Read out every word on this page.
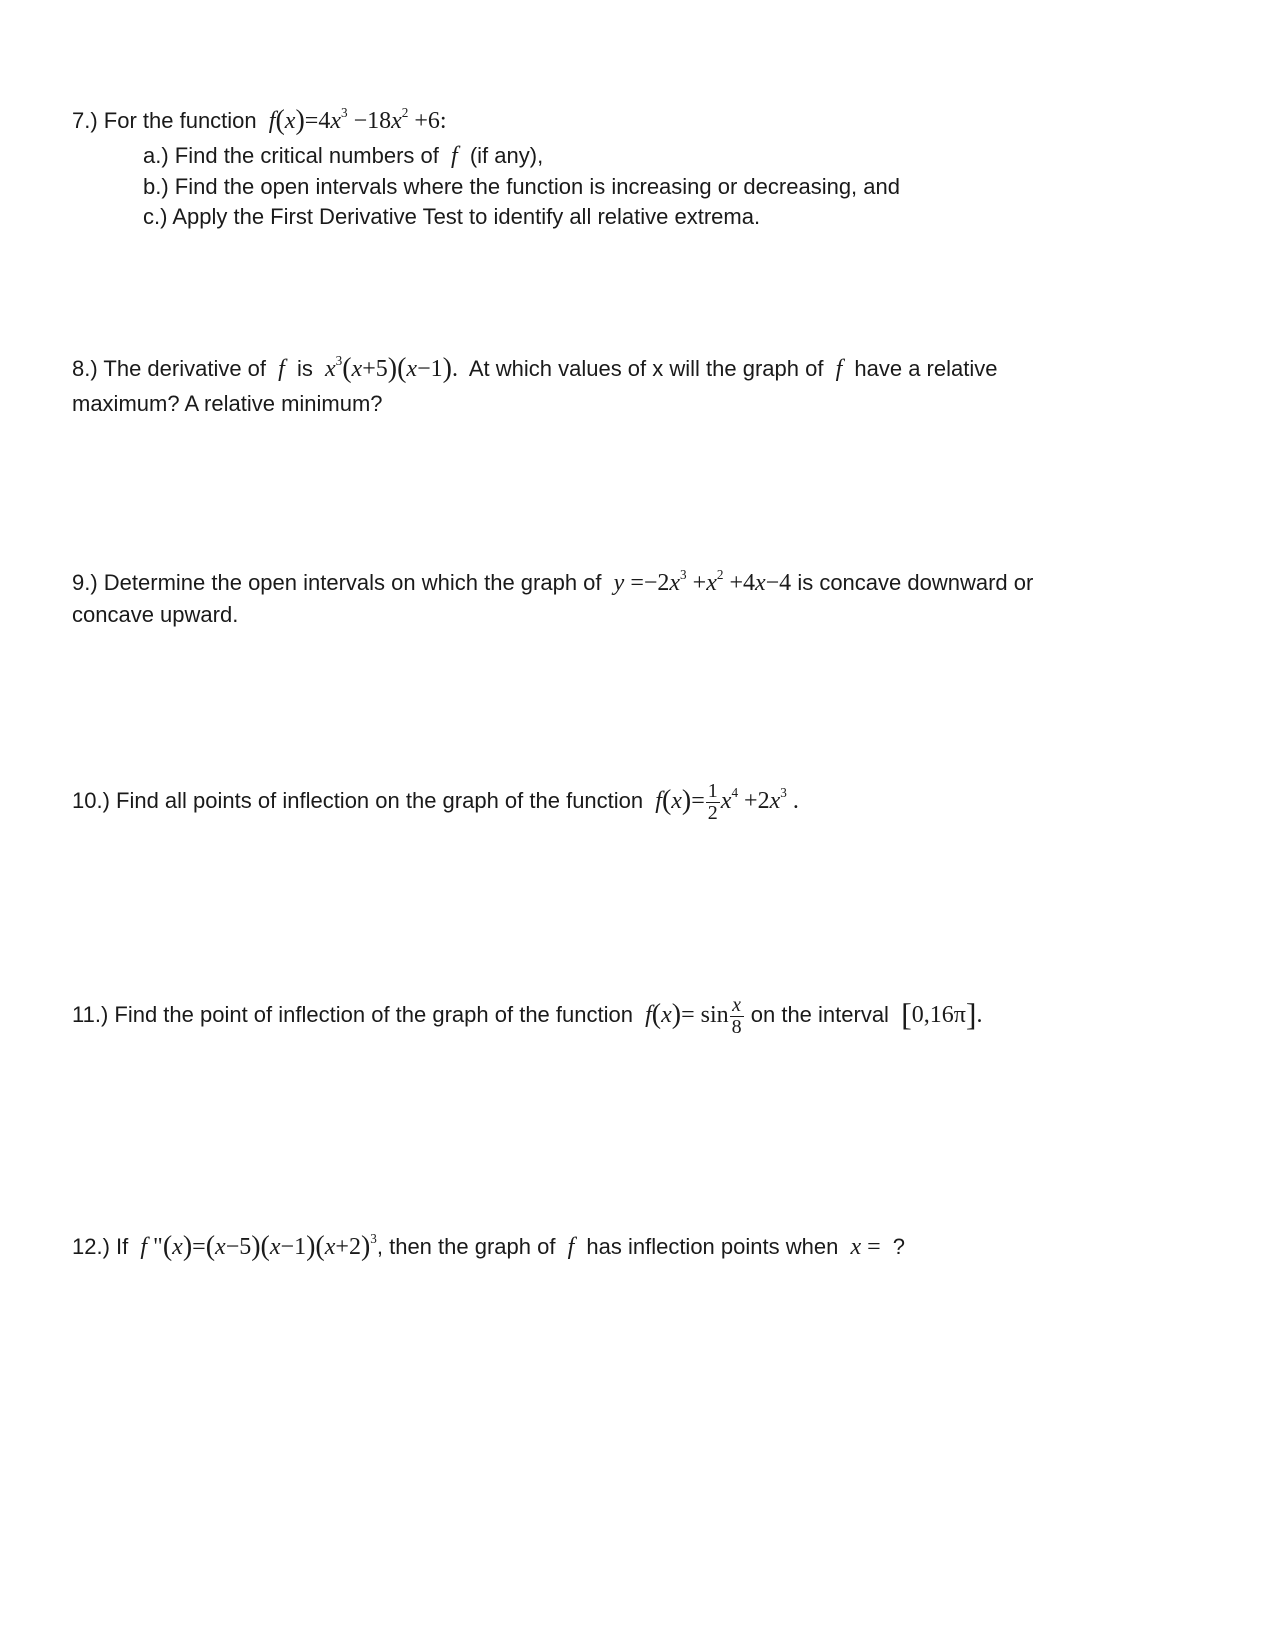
7.) For the function $f(x)=4x^3 -18x^2 +6$:
a.) Find the critical numbers of  f  (if any),
b.) Find the open intervals where the function is increasing or decreasing, and
c.) Apply the First Derivative Test to identify all relative extrema.
8.) The derivative of  f  is $x^3(x+5)(x-1)$.  At which values of x will the graph of  f  have a relative
maximum? A relative minimum?
9.) Determine the open intervals on which the graph of $y =-2x^3 +x^2 +4x-4$ is concave downward or
concave upward.
10.) Find all points of inflection on the graph of the function $f(x)= \frac{1}{2} x^4 +2x^3$ .
11.) Find the point of inflection of the graph of the function $f(x)= \sin \frac{x}{8}$ on the interval [0,16π].
12.) If f "$(x)=(x-5)(x-1)(x+2)^3$, then the graph of  f  has inflection points when x =  ?
